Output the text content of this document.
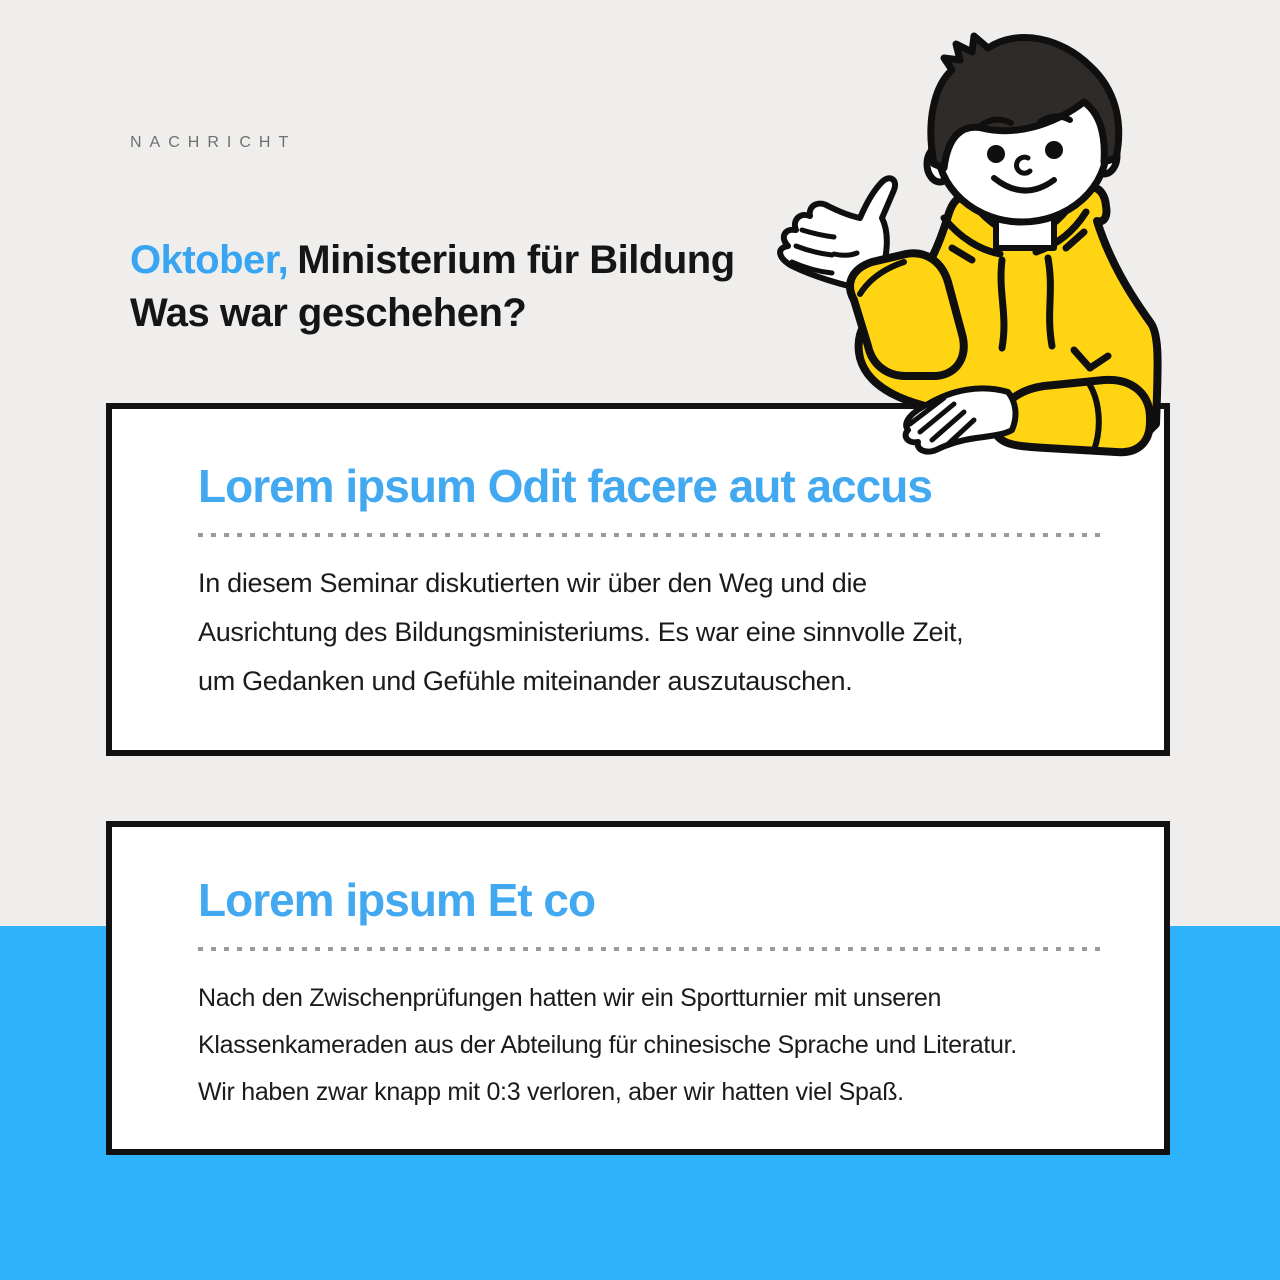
NACHRICHT
Oktober, Ministerium für Bildung
Was war geschehen?
Lorem ipsum Odit facere aut accus
In diesem Seminar diskutierten wir über den Weg und die
Ausrichtung des Bildungsministeriums. Es war eine sinnvolle Zeit,
um Gedanken und Gefühle miteinander auszutauschen.
Lorem ipsum Et co
Nach den Zwischenprüfungen hatten wir ein Sportturnier mit unseren
Klassenkameraden aus der Abteilung für chinesische Sprache und Literatur.
Wir haben zwar knapp mit 0:3 verloren, aber wir hatten viel Spaß.
